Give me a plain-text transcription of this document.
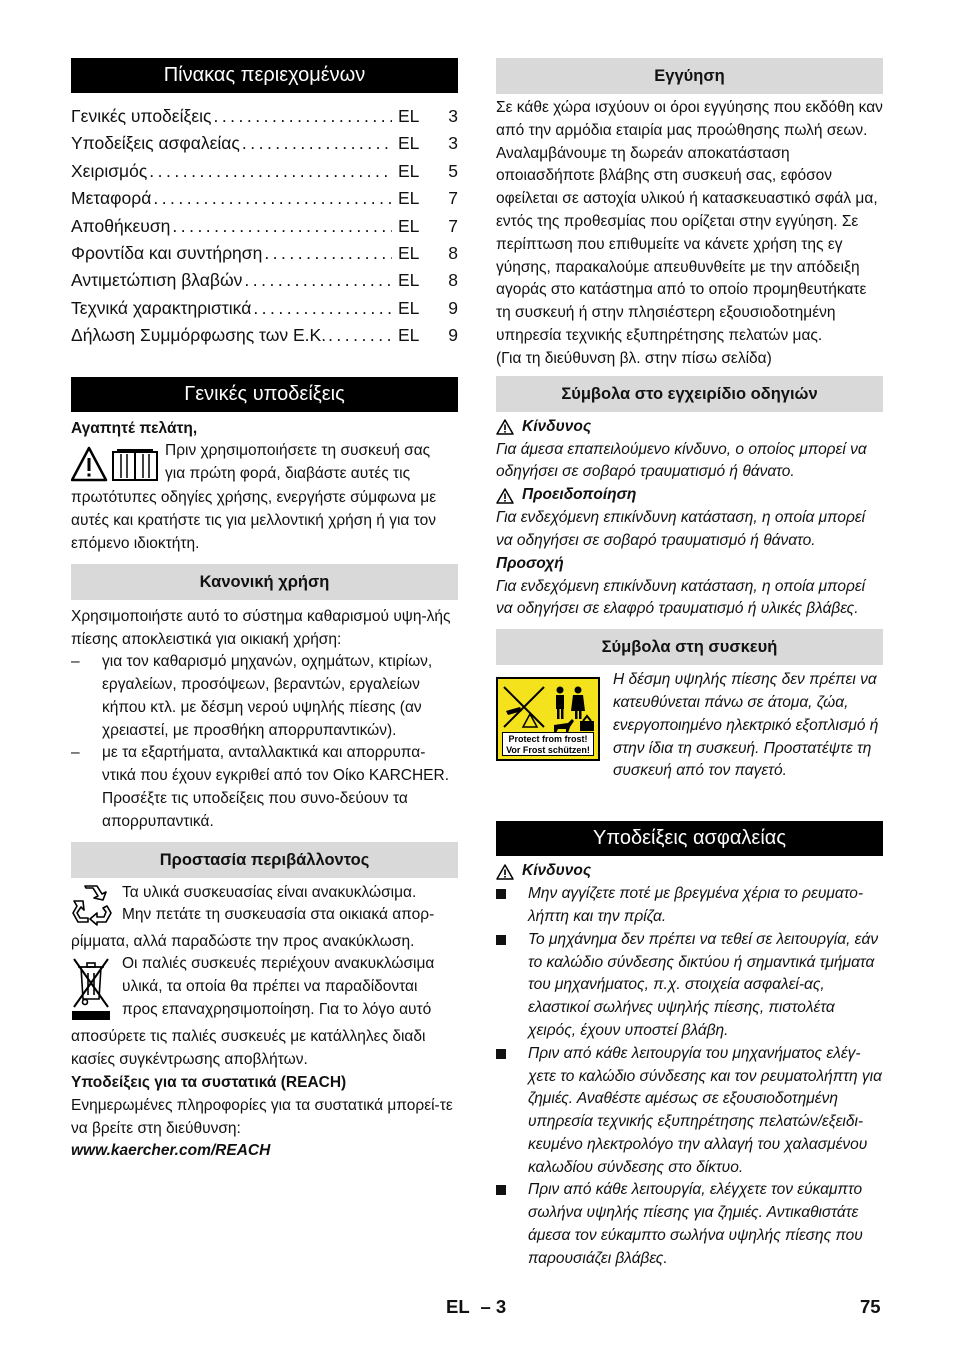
Πίνακας περιεχομένων
Γενικές υποδείξεις .....	EL	3
Υποδείξεις ασφαλείας .....	EL	3
Χειρισμός .....	EL	5
Μεταφορά .....	EL	7
Αποθήκευση .....	EL	7
Φροντίδα και συντήρηση .....	EL	8
Αντιμετώπιση βλαβών .....	EL	8
Τεχνικά χαρακτηριστικά .....	EL	9
Δήλωση Συμμόρφωσης των Ε.Κ. .....	EL	9
Γενικές υποδείξεις
Αγαπητέ πελάτη,
Πριν χρησιμοποιήσετε τη συσκευή σας
για πρώτη φορά, διαβάστε αυτές τις
πρωτότυπες οδηγίες χρήσης, ενεργήστε σύμφωνα με αυτές και κρατήστε τις για μελλοντική χρήση ή για τον επόμενο ιδιοκτήτη.
Κανονική χρήση
Χρησιμοποιήστε αυτό το σύστημα καθαρισμού υψη-λής πίεσης αποκλειστικά για οικιακή χρήση:
–	για τον καθαρισμό μηχανών, οχημάτων, κτιρίων, εργαλείων, προσόψεων, βεραντών, εργαλείων κήπου κτλ. με δέσμη νερού υψηλής πίεσης (αν χρειαστεί, με προσθήκη απορρυπαντικών).
–	με τα εξαρτήματα, ανταλλακτικά και απορρυπα-ντικά που έχουν εγκριθεί από τον Οίκο KARCHER. Προσέξτε τις υποδείξεις που συνο-δεύουν τα απορρυπαντικά.
Προστασία περιβάλλοντος
Τα υλικά συσκευασίας είναι ανακυκλώσιμα.
Μην πετάτε τη συσκευασία στα οικιακά απορ-
ρίμματα, αλλά παραδώστε την προς ανακύκλωση.
Οι παλιές συσκευές περιέχουν ανακυκλώσιμα
υλικά, τα οποία θα πρέπει να παραδίδονται
προς επαναχρησιμοποίηση. Για το λόγο αυτό
αποσύρετε τις παλιές συσκευές με κατάλληλες διαδι κασίες συγκέντρωσης αποβλήτων.
Υποδείξεις για τα συστατικά (REACH)
Ενημερωμένες πληροφορίες για τα συστατικά μπορεί-τε να βρείτε στη διεύθυνση:
www.kaercher.com/REACH
Εγγύηση
Σε κάθε χώρα ισχύουν οι όροι εγγύησης που εκδόθη καν από την αρμόδια εταιρία μας προώθησης πωλή σεων. Αναλαμβάνουμε τη δωρεάν αποκατάσταση οποιασδήποτε βλάβης στη συσκευή σας, εφόσον οφείλεται σε αστοχία υλικού ή κατασκευαστικό σφάλ μα, εντός της προθεσμίας που ορίζεται στην εγγύηση. Σε περίπτωση που επιθυμείτε να κάνετε χρήση της εγ γύησης, παρακαλούμε απευθυνθείτε με την απόδειξη αγοράς στο κατάστημα από το οποίο προμηθευτήκατε τη συσκευή ή στην πλησιέστερη εξουσιοδοτημένη υπηρεσία τεχνικής εξυπηρέτησης πελατών μας.
(Για τη διεύθυνση βλ. στην πίσω σελίδα)
Σύμβολα στο εγχειρίδιο οδηγιών
Κίνδυνος
Για άμεσα επαπειλούμενο κίνδυνο, ο οποίος μπορεί να οδηγήσει σε σοβαρό τραυματισμό ή θάνατο.
Προειδοποίηση
Για ενδεχόμενη επικίνδυνη κατάσταση, η οποία μπορεί να οδηγήσει σε σοβαρό τραυματισμό ή θάνατο.
Προσοχή
Για ενδεχόμενη επικίνδυνη κατάσταση, η οποία μπορεί να οδηγήσει σε ελαφρό τραυματισμό ή υλικές βλάβες.
Σύμβολα στη συσκευή
Protect from frost!
Vor Frost schützen!
Η δέσμη υψηλής πίεσης δεν πρέπει να κατευθύνεται πάνω σε άτομα, ζώα, ενεργοποιημένο ηλεκτρικό εξοπλισμό ή στην ίδια τη συσκευή. Προστατέψτε τη συσκευή από τον παγετό.
Υποδείξεις ασφαλείας
Κίνδυνος
Μην αγγίζετε ποτέ με βρεγμένα χέρια το ρευματο-λήπτη και την πρίζα.
Το μηχάνημα δεν πρέπει να τεθεί σε λειτουργία, εάν το καλώδιο σύνδεσης δικτύου ή σημαντικά τμήματα του μηχανήματος, π.χ. στοιχεία ασφαλεί-ας, ελαστικοί σωλήνες υψηλής πίεσης, πιστολέτα χειρός, έχουν υποστεί βλάβη.
Πριν από κάθε λειτουργία του μηχανήματος ελέγ-χετε το καλώδιο σύνδεσης και τον ρευματολήπτη για ζημιές. Αναθέστε αμέσως σε εξουσιοδοτημένη υπηρεσία τεχνικής εξυπηρέτησης πελατών/εξειδι-κευμένο ηλεκτρολόγο την αλλαγή του χαλασμένου καλωδίου σύνδεσης στο δίκτυο.
Πριν από κάθε λειτουργία, ελέγχετε τον εύκαμπτο σωλήνα υψηλής πίεσης για ζημιές. Αντικαθιστάτε άμεσα τον εύκαμπτο σωλήνα υψηλής πίεσης που παρουσιάζει βλάβες.
EL – 3	75
